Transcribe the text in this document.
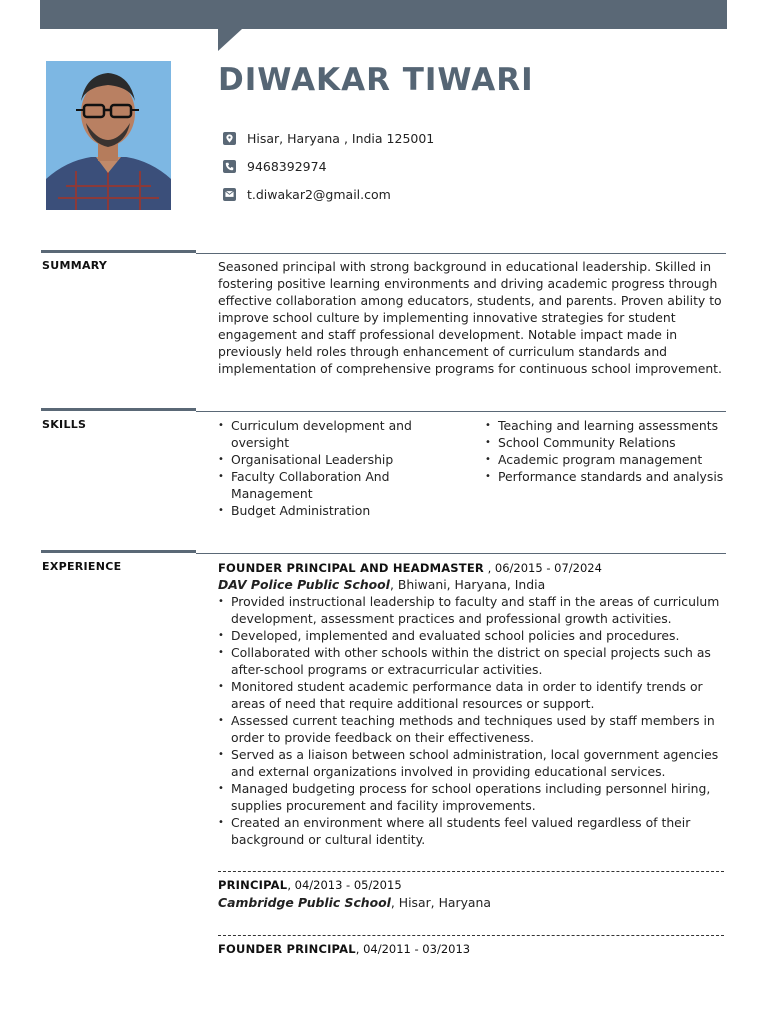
DIWAKAR TIWARI
Hisar, Haryana , India 125001
9468392974
t.diwakar2@gmail.com
SUMMARY	Seasoned principal with strong background in educational leadership. Skilled in fostering positive learning environments and driving academic progress through effective collaboration among educators, students, and parents. Proven ability to improve school culture by implementing innovative strategies for student engagement and staff professional development. Notable impact made in previously held roles through enhancement of curriculum standards and implementation of comprehensive programs for continuous school improvement.
SKILLS
•	Curriculum development and oversight
• Organisational Leadership
• Faculty Collaboration And Management
• Budget Administration
• Teaching and learning assessments
• School Community Relations
• Academic program management
• Performance standards and analysis
EXPERIENCE	FOUNDER PRINCIPAL AND HEADMASTER , 06/2015 - 07/2024
DAV Police Public School, Bhiwani, Haryana, India
• Provided instructional leadership to faculty and staff in the areas of curriculum development, assessment practices and professional growth activities.
• Developed, implemented and evaluated school policies and procedures.
• Collaborated with other schools within the district on special projects such as after-school programs or extracurricular activities.
• Monitored student academic performance data in order to identify trends or areas of need that require additional resources or support.
• Assessed current teaching methods and techniques used by staff members in order to provide feedback on their effectiveness.
• Served as a liaison between school administration, local government agencies and external organizations involved in providing educational services.
• Managed budgeting process for school operations including personnel hiring, supplies procurement and facility improvements.
• Created an environment where all students feel valued regardless of their background or cultural identity.
PRINCIPAL, 04/2013 - 05/2015
Cambridge Public School, Hisar, Haryana
FOUNDER PRINCIPAL, 04/2011 - 03/2013
